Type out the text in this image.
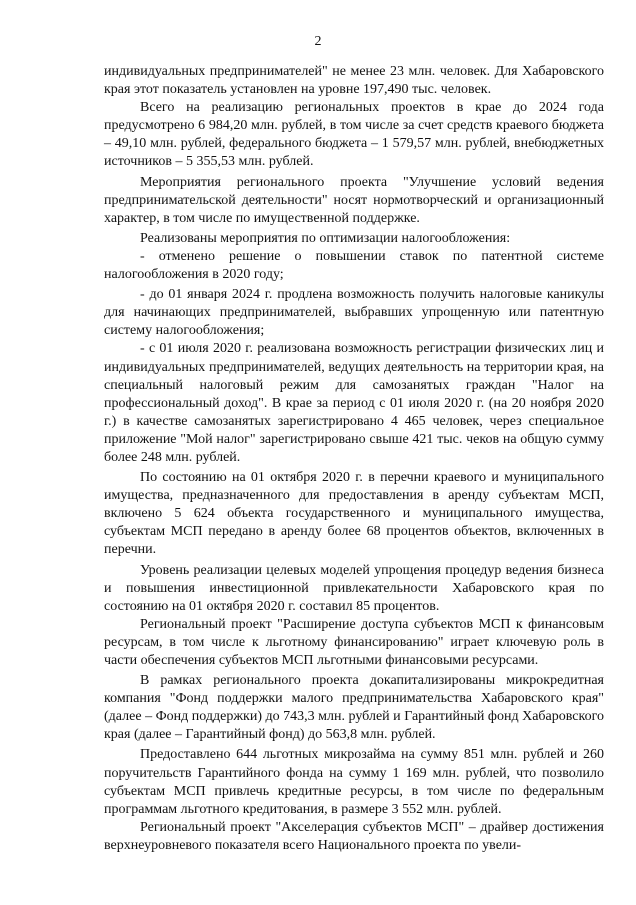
2

индивидуальных предпринимателей" не менее 23 млн. человек. Для Хабаровского края этот показатель установлен на уровне 197,490 тыс. человек.

Всего на реализацию региональных проектов в крае до 2024 года предусмотрено 6 984,20 млн. рублей, в том числе за счет средств краевого бюджета – 49,10 млн. рублей, федерального бюджета – 1 579,57 млн. рублей, внебюджетных источников – 5 355,53 млн. рублей.

Мероприятия регионального проекта "Улучшение условий ведения предпринимательской деятельности" носят нормотворческий и организационный характер, в том числе по имущественной поддержке.

Реализованы мероприятия по оптимизации налогообложения:

- отменено решение о повышении ставок по патентной системе налогообложения в 2020 году;

- до 01 января 2024 г. продлена возможность получить налоговые каникулы для начинающих предпринимателей, выбравших упрощенную или патентную систему налогообложения;

- с 01 июля 2020 г. реализована возможность регистрации физических лиц и индивидуальных предпринимателей, ведущих деятельность на территории края, на специальный налоговый режим для самозанятых граждан "Налог на профессиональный доход". В крае за период с 01 июля 2020 г. (на 20 ноября 2020 г.) в качестве самозанятых зарегистрировано 4 465 человек, через специальное приложение "Мой налог" зарегистрировано свыше 421 тыс. чеков на общую сумму более 248 млн. рублей.

По состоянию на 01 октября 2020 г. в перечни краевого и муниципального имущества, предназначенного для предоставления в аренду субъектам МСП, включено 5 624 объекта государственного и муниципального имущества, субъектам МСП передано в аренду более 68 процентов объектов, включенных в перечни.

Уровень реализации целевых моделей упрощения процедур ведения бизнеса и повышения инвестиционной привлекательности Хабаровского края по состоянию на 01 октября 2020 г. составил 85 процентов.

Региональный проект "Расширение доступа субъектов МСП к финансовым ресурсам, в том числе к льготному финансированию" играет ключевую роль в части обеспечения субъектов МСП льготными финансовыми ресурсами.

В рамках регионального проекта докапитализированы микрокредитная компания "Фонд поддержки малого предпринимательства Хабаровского края" (далее – Фонд поддержки) до 743,3 млн. рублей и Гарантийный фонд Хабаровского края (далее – Гарантийный фонд) до 563,8 млн. рублей.

Предоставлено 644 льготных микрозайма на сумму 851 млн. рублей и 260 поручительств Гарантийного фонда на сумму 1 169 млн. рублей, что позволило субъектам МСП привлечь кредитные ресурсы, в том числе по федеральным программам льготного кредитования, в размере 3 552 млн. рублей.

Региональный проект "Акселерация субъектов МСП" – драйвер достижения верхнеуровневого показателя всего Национального проекта по увели-
